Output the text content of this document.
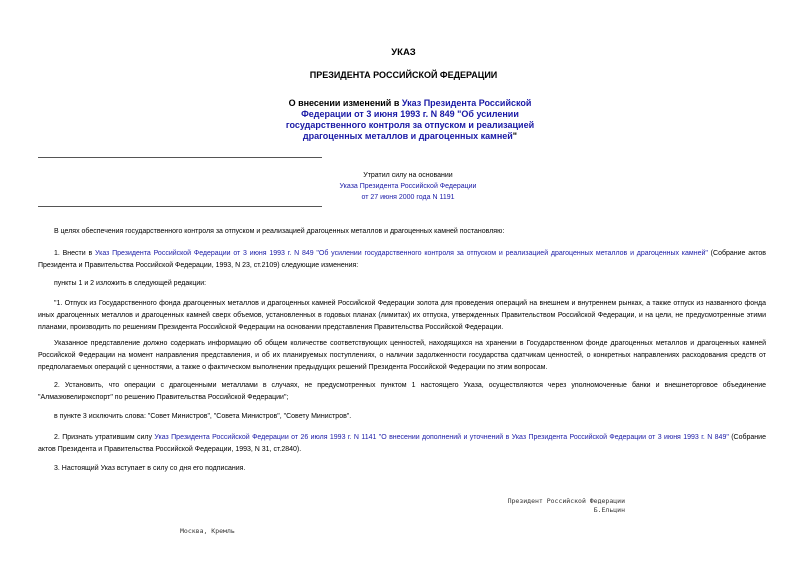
УКАЗ
ПРЕЗИДЕНТА РОССИЙСКОЙ ФЕДЕРАЦИИ
О внесении изменений в Указ Президента Российской Федерации от 3 июня 1993 г. N 849 "Об усилении государственного контроля за отпуском и реализацией драгоценных металлов и драгоценных камней"
Утратил силу на основании
Указа Президента Российской Федерации
от 27 июня 2000 года N 1191

В целях обеспечения государственного контроля за отпуском и реализацией драгоценных металлов и драгоценных камней постановляю:

1. Внести в Указ Президента Российской Федерации от 3 июня 1993 г. N 849 "Об усилении государственного контроля за отпуском и реализацией драгоценных металлов и драгоценных камней" (Собрание актов Президента и Правительства Российской Федерации, 1993, N 23, ст.2109) следующие изменения:

пункты 1 и 2 изложить в следующей редакции:

"1. Отпуск из Государственного фонда драгоценных металлов и драгоценных камней Российской Федерации золота для проведения операций на внешнем и внутреннем рынках, а также отпуск из названного фонда иных драгоценных металлов и драгоценных камней сверх объемов, установленных в годовых планах (лимитах) их отпуска, утвержденных Правительством Российской Федерации, и на цели, не предусмотренные этими планами, производить по решениям Президента Российской Федерации на основании представления Правительства Российской Федерации.

Указанное представление должно содержать информацию об общем количестве соответствующих ценностей, находящихся на хранении в Государственном фонде драгоценных металлов и драгоценных камней Российской Федерации на момент направления представления, и об их планируемых поступлениях, о наличии задолженности государства сдатчикам ценностей, о конкретных направлениях расходования средств от предполагаемых операций с ценностями, а также о фактическом выполнении предыдущих решений Президента Российской Федерации по этим вопросам.

2. Установить, что операции с драгоценными металлами в случаях, не предусмотренных пунктом 1 настоящего Указа, осуществляются через уполномоченные банки и внешнеторговое объединение "Алмазювелирэкспорт" по решению Правительства Российской Федерации";

в пункте 3 исключить слова: "Совет Министров", "Совета Министров", "Совету Министров".

2. Признать утратившим силу Указ Президента Российской Федерации от 26 июля 1993 г. N 1141 "О внесении дополнений и уточнений в Указ Президента Российской Федерации от 3 июня 1993 г. N 849" (Собрание актов Президента и Правительства Российской Федерации, 1993, N 31, ст.2840).

3. Настоящий Указ вступает в силу со дня его подписания.

Президент Российской Федерации
Б.Ельцин
Москва, Кремль
